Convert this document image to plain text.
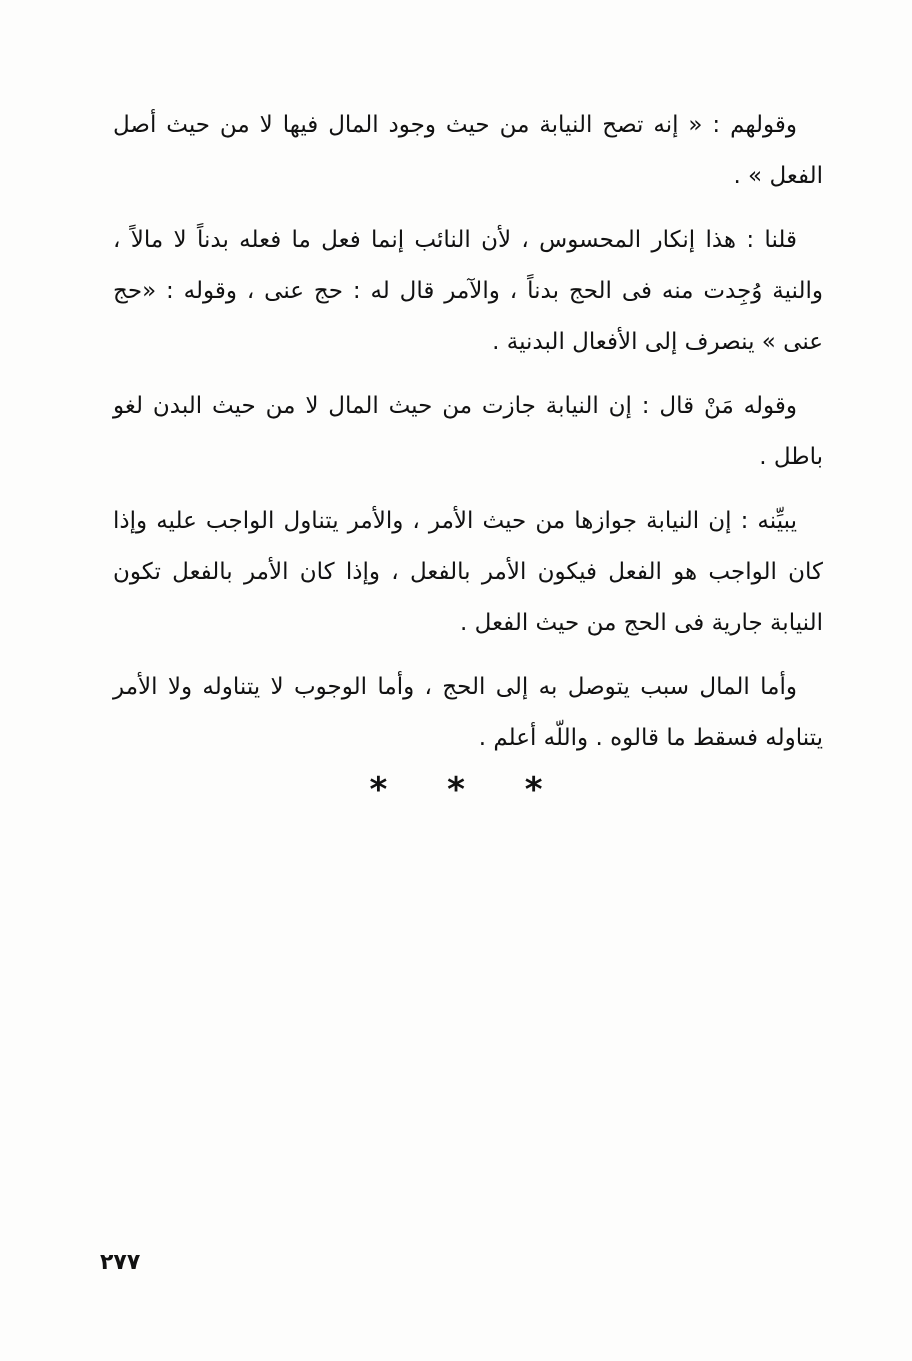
وقولهم : « إنه تصح النيابة من حيث وجود المال فيها لا من حيث أصل الفعل » .

قلنا : هذا إنكار المحسوس ، لأن النائب إنما فعل ما فعله بدناً لا مالاً ، والنية وُجِدت منه فى الحج بدناً ، والآمر قال له : حج عنى ، وقوله : «حج عنى » ينصرف إلى الأفعال البدنية .

وقوله مَنْ قال : إن النيابة جازت من حيث المال لا من حيث البدن لغو باطل .

يبيِّنه : إن النيابة جوازها من حيث الأمر ، والأمر يتناول الواجب عليه وإذا كان الواجب هو الفعل فيكون الأمر بالفعل ، وإذا كان الأمر بالفعل تكون النيابة جارية فى الحج من حيث الفعل .

وأما المال سبب يتوصل به إلى الحج ، وأما الوجوب لا يتناوله ولا الأمر يتناوله فسقط ما قالوه . واللّه أعلم .

* * *
٢٧٧
